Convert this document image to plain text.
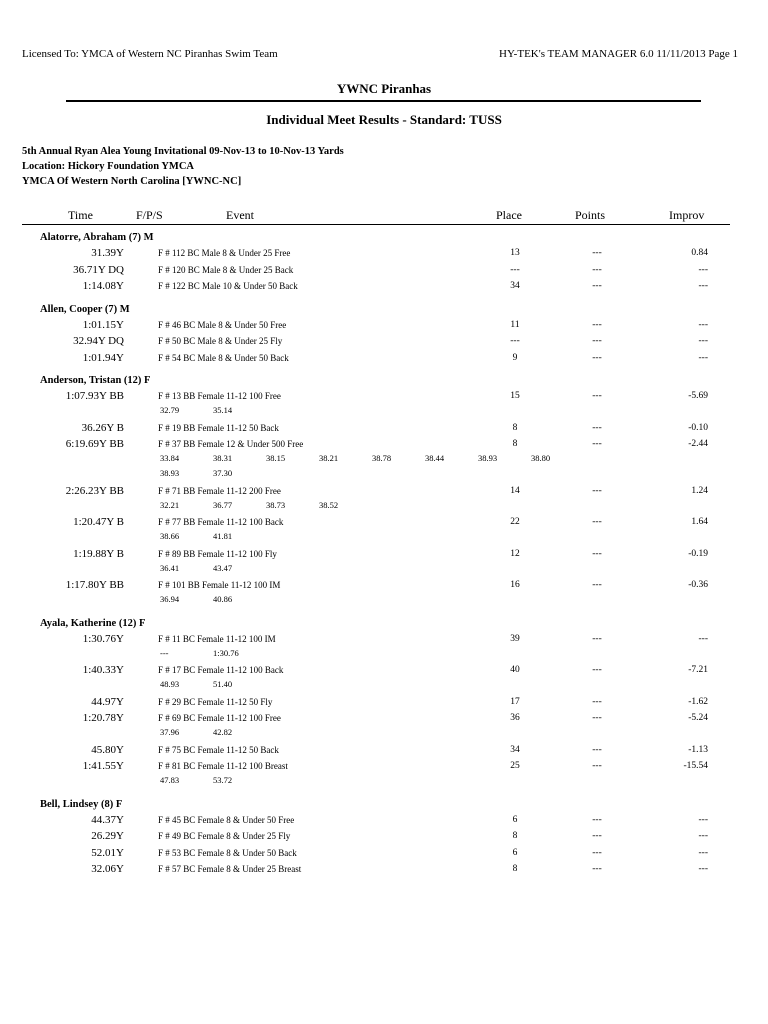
Licensed To: YMCA of Western NC Piranhas Swim Team	HY-TEK's TEAM MANAGER 6.0 11/11/2013 Page 1
YWNC Piranhas
Individual Meet Results - Standard: TUSS
5th Annual Ryan Alea Young Invitational 09-Nov-13 to 10-Nov-13 Yards
Location: Hickory Foundation YMCA
YMCA Of Western North Carolina [YWNC-NC]
Time	F/P/S	Event	Place	Points	Improv
Alatorre, Abraham (7) M
31.39Y	F # 112 BC Male 8 & Under 25 Free	13	---	0.84
36.71Y DQ	F # 120 BC Male 8 & Under 25 Back	---	---	---
1:14.08Y	F # 122 BC Male 10 & Under 50 Back	34	---	---
Allen, Cooper (7) M
1:01.15Y	F # 46 BC Male 8 & Under 50 Free	11	---	---
32.94Y DQ	F # 50 BC Male 8 & Under 25 Fly	---	---	---
1:01.94Y	F # 54 BC Male 8 & Under 50 Back	9	---	---
Anderson, Tristan (12) F
1:07.93Y BB	F # 13 BB Female 11-12 100 Free	15	---	-5.69
32.79	35.14
36.26Y B	F # 19 BB Female 11-12 50 Back	8	---	-0.10
6:19.69Y BB	F # 37 BB Female 12 & Under 500 Free	8	---	-2.44
33.84	38.31	38.15	38.21	38.78	38.44	38.93	38.80
38.93	37.30
2:26.23Y BB	F # 71 BB Female 11-12 200 Free	14	---	1.24
32.21	36.77	38.73	38.52
1:20.47Y B	F # 77 BB Female 11-12 100 Back	22	---	1.64
38.66	41.81
1:19.88Y B	F # 89 BB Female 11-12 100 Fly	12	---	-0.19
36.41	43.47
1:17.80Y BB	F # 101 BB Female 11-12 100 IM	16	---	-0.36
36.94	40.86
Ayala, Katherine (12) F
1:30.76Y	F # 11 BC Female 11-12 100 IM	39	---	---
---	1:30.76
1:40.33Y	F # 17 BC Female 11-12 100 Back	40	---	-7.21
48.93	51.40
44.97Y	F # 29 BC Female 11-12 50 Fly	17	---	-1.62
1:20.78Y	F # 69 BC Female 11-12 100 Free	36	---	-5.24
37.96	42.82
45.80Y	F # 75 BC Female 11-12 50 Back	34	---	-1.13
1:41.55Y	F # 81 BC Female 11-12 100 Breast	25	---	-15.54
47.83	53.72
Bell, Lindsey (8) F
44.37Y	F # 45 BC Female 8 & Under 50 Free	6	---	---
26.29Y	F # 49 BC Female 8 & Under 25 Fly	8	---	---
52.01Y	F # 53 BC Female 8 & Under 50 Back	6	---	---
32.06Y	F # 57 BC Female 8 & Under 25 Breast	8	---	---
